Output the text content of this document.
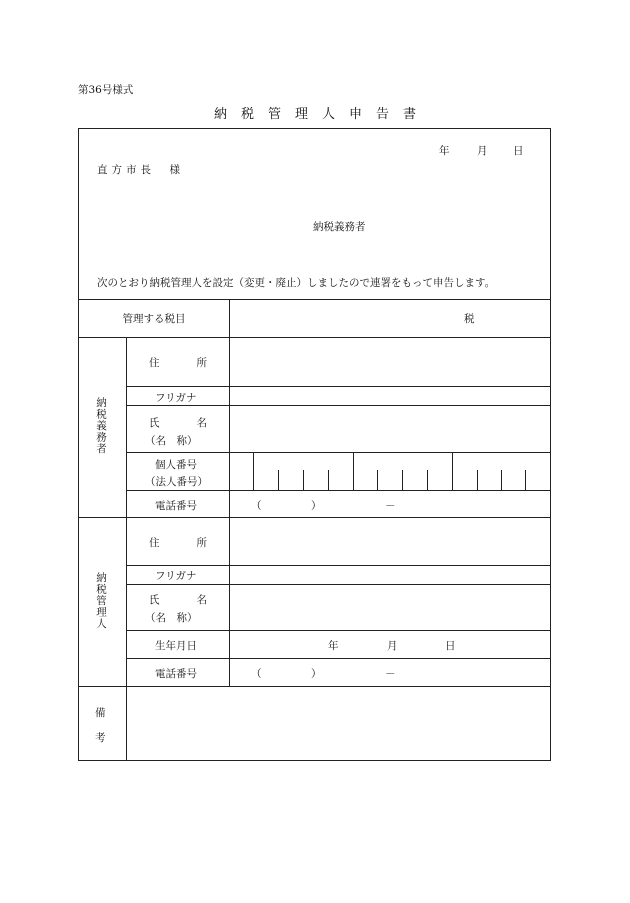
第36号様式
納税管理人申告書
年	月 日
直方市長　様
納税義務者
次のとおり納税管理人を設定（変更・廃止）しましたので連署をもって申告します。
管理する税目	税
納税義務者
住	所
フリガナ
氏	名
（名　称）
個人番号
（法人番号）
電話番号	（	）	－
納税管理人
住	所
フリガナ
氏	名
（名　称）
生年月日	年	月	日
電話番号	（	）	－
備
考
